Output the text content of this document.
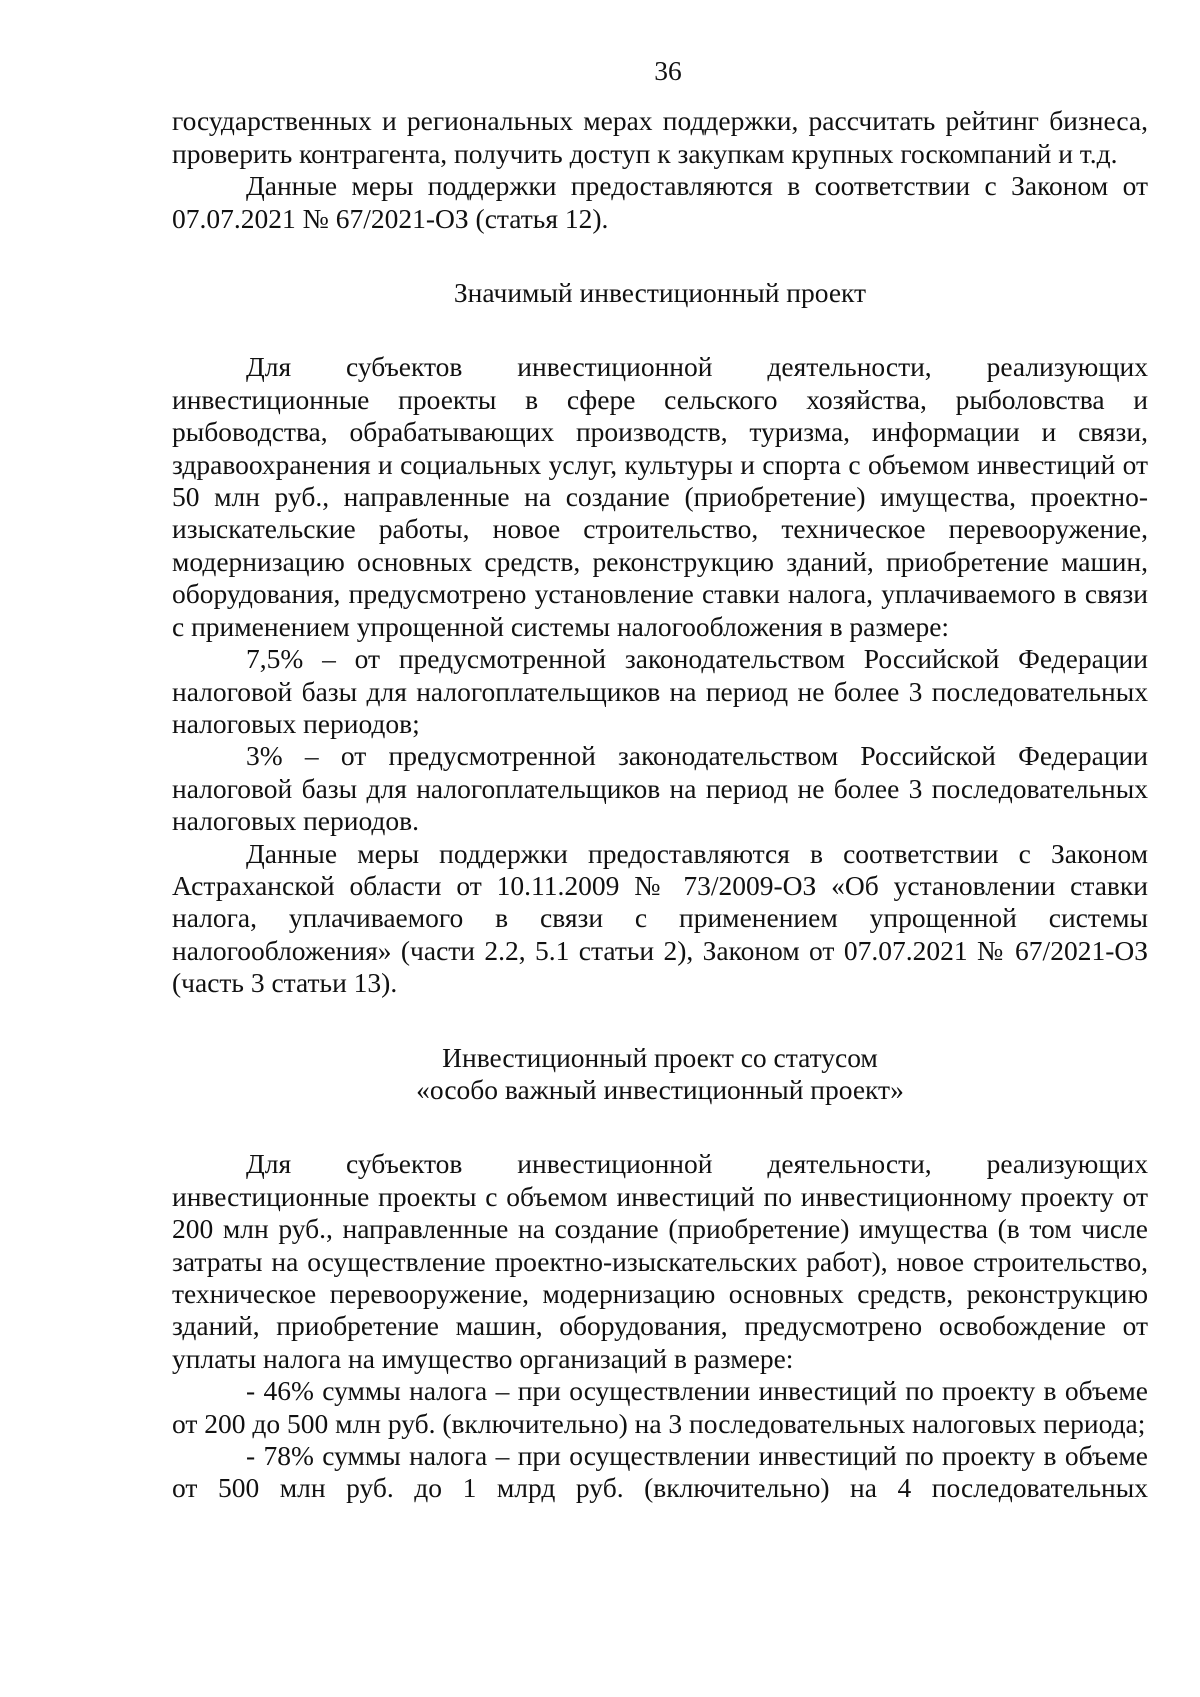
36

государственных и региональных мерах поддержки, рассчитать рейтинг бизнеса, проверить контрагента, получить доступ к закупкам крупных госкомпаний и т.д.

Данные меры поддержки предоставляются в соответствии с Законом от 07.07.2021 № 67/2021-ОЗ (статья 12).

Значимый инвестиционный проект

Для субъектов инвестиционной деятельности, реализующих инвестиционные проекты в сфере сельского хозяйства, рыболовства и рыбоводства, обрабатывающих производств, туризма, информации и связи, здравоохранения и социальных услуг, культуры и спорта с объемом инвестиций от 50 млн руб., направленные на создание (приобретение) имущества, проектно-изыскательские работы, новое строительство, техническое перевооружение, модернизацию основных средств, реконструкцию зданий, приобретение машин, оборудования, предусмотрено установление ставки налога, уплачиваемого в связи с применением упрощенной системы налогообложения в размере:

7,5% – от предусмотренной законодательством Российской Федерации налоговой базы для налогоплательщиков на период не более 3 последовательных налоговых периодов;

3% – от предусмотренной законодательством Российской Федерации налоговой базы для налогоплательщиков на период не более 3 последовательных налоговых периодов.

Данные меры поддержки предоставляются в соответствии с Законом Астраханской области от 10.11.2009 № 73/2009-ОЗ «Об установлении ставки налога, уплачиваемого в связи с применением упрощенной системы налогообложения» (части 2.2, 5.1 статьи 2), Законом от 07.07.2021 № 67/2021-ОЗ (часть 3 статьи 13).

Инвестиционный проект со статусом
«особо важный инвестиционный проект»

Для субъектов инвестиционной деятельности, реализующих инвестиционные проекты с объемом инвестиций по инвестиционному проекту от 200 млн руб., направленные на создание (приобретение) имущества (в том числе затраты на осуществление проектно-изыскательских работ), новое строительство, техническое перевооружение, модернизацию основных средств, реконструкцию зданий, приобретение машин, оборудования, предусмотрено освобождение от уплаты налога на имущество организаций в размере:

- 46% суммы налога – при осуществлении инвестиций по проекту в объеме от 200 до 500 млн руб. (включительно) на 3 последовательных налоговых периода;

- 78% суммы налога – при осуществлении инвестиций по проекту в объеме от 500 млн руб. до 1 млрд руб. (включительно) на 4 последовательных
